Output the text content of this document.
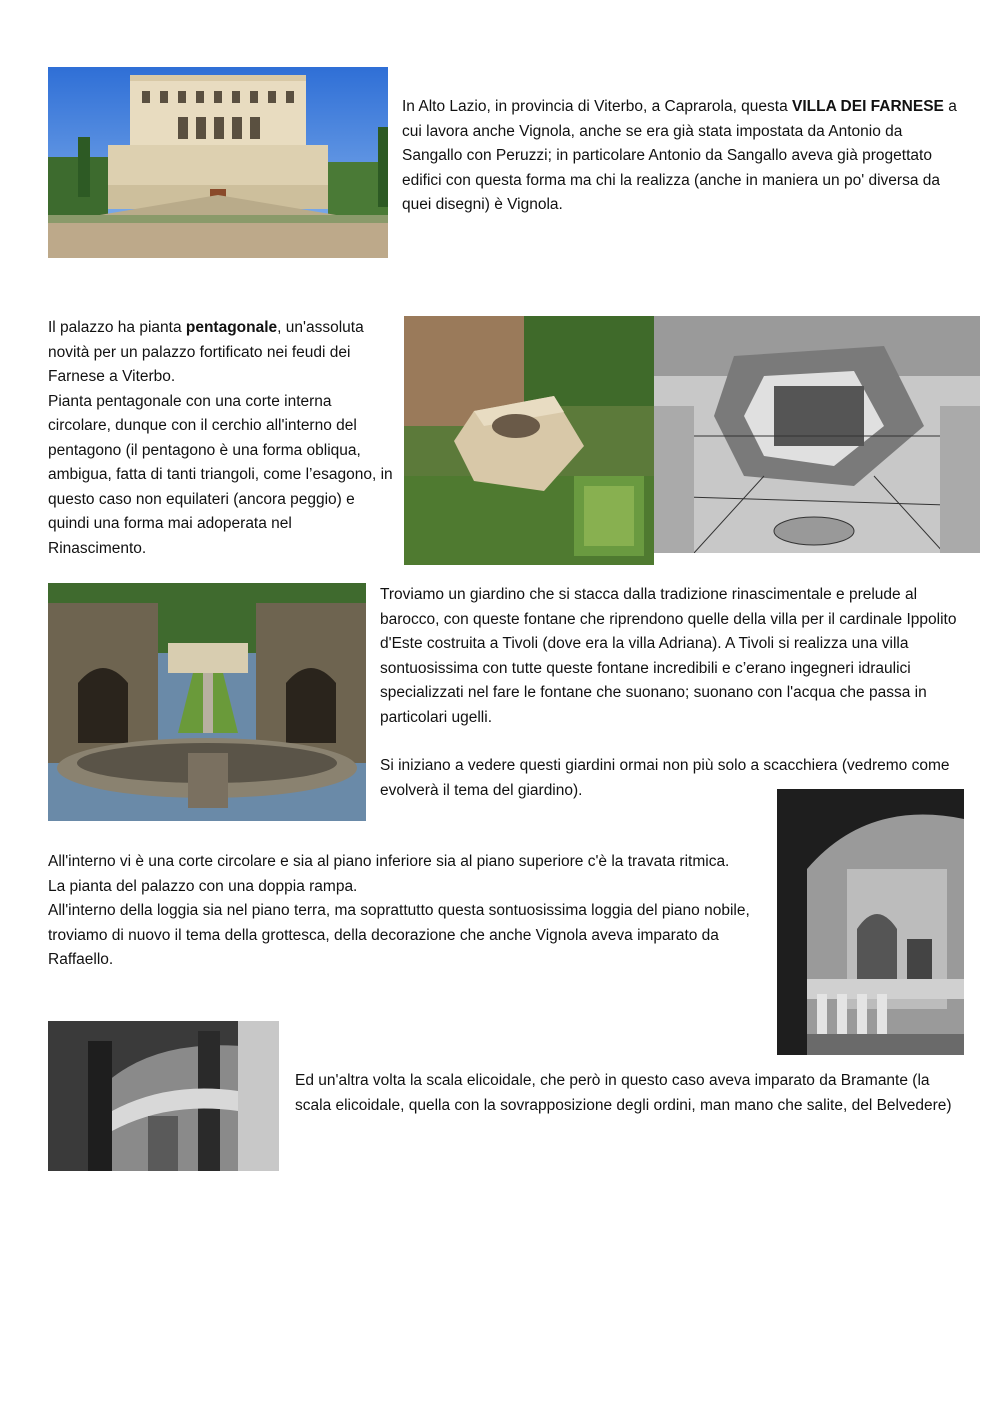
In Alto Lazio, in provincia di Viterbo, a Caprarola, questa VILLA DEI FARNESE a cui lavora anche Vignola, anche se era già stata impostata da Antonio da Sangallo con Peruzzi; in particolare Antonio da Sangallo aveva già progettato edifici con questa forma ma chi la realizza (anche in maniera un po' diversa da quei disegni) è Vignola.

Il palazzo ha pianta pentagonale, un'assoluta novità per un palazzo fortificato nei feudi dei Farnese a Viterbo.

Pianta pentagonale con una corte interna circolare, dunque con il cerchio all'interno del pentagono (il pentagono è una forma obliqua, ambigua, fatta di tanti triangoli, come l’esagono, in questo caso non equilateri (ancora peggio) e quindi una forma mai adoperata nel Rinascimento.

Troviamo un giardino che si stacca dalla tradizione rinascimentale e prelude al barocco, con queste fontane che riprendono quelle della villa per il cardinale Ippolito d'Este costruita a Tivoli (dove era la villa Adriana). A Tivoli si realizza una villa sontuosissima con tutte queste fontane incredibili e c’erano ingegneri idraulici specializzati nel fare le fontane che suonano; suonano con l'acqua che passa in particolari ugelli.

Si iniziano a vedere questi giardini ormai non più solo a scacchiera (vedremo come evolverà il tema del giardino).

All'interno vi è una corte circolare e sia al piano inferiore sia al piano superiore c'è la travata ritmica.

La pianta del palazzo con una doppia rampa.

All'interno della loggia sia nel piano terra, ma soprattutto questa sontuosissima loggia del piano nobile, troviamo di nuovo il tema della grottesca, della decorazione che anche Vignola aveva imparato da Raffaello.

Ed un'altra volta la scala elicoidale, che però in questo caso aveva imparato da Bramante (la scala elicoidale, quella con la sovrapposizione degli ordini, man mano che salite, del Belvedere)
